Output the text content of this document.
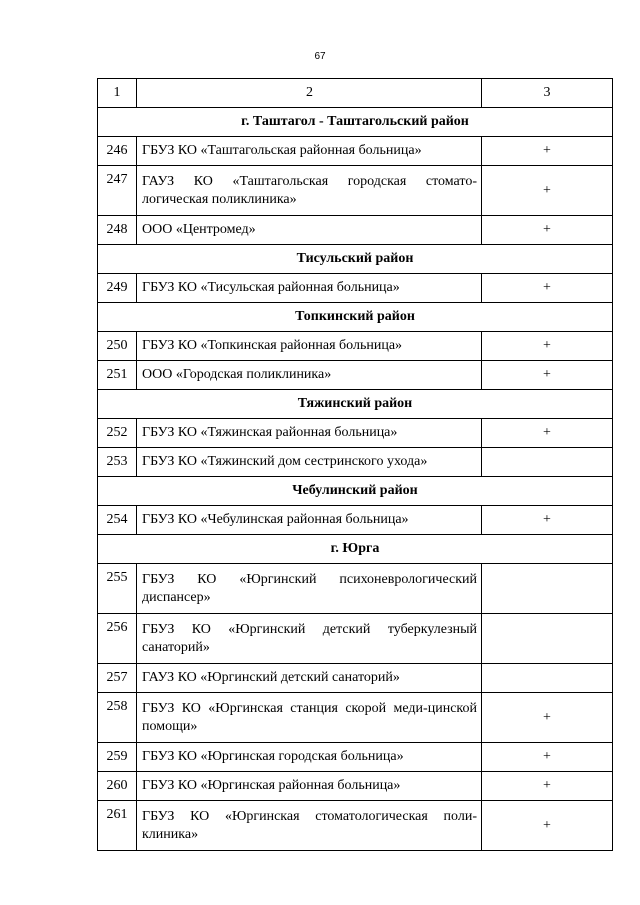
67
1	2	3
г. Таштагол - Таштагольский район		
246	ГБУЗ КО «Таштагольская районная больница»	+
247	ГАУЗ КО «Таштагольская городская стомато-логическая поликлиника»	+
248	ООО «Центромед»	+
Тисульский район		
249	ГБУЗ КО «Тисульская районная больница»	+
Топкинский район		
250	ГБУЗ КО «Топкинская районная больница»	+
251	ООО «Городская поликлиника»	+
Тяжинский район		
252	ГБУЗ КО «Тяжинская районная больница»	+
253	ГБУЗ КО «Тяжинский дом сестринского ухода»	
Чебулинский район		
254	ГБУЗ КО «Чебулинская районная больница»	+
г. Юрга		
255	ГБУЗ КО «Юргинский психоневрологический диспансер»	
256	ГБУЗ КО «Юргинский детский туберкулезный санаторий»	
257	ГАУЗ КО «Юргинский детский санаторий»	
258	ГБУЗ КО «Юргинская станция скорой меди-цинской помощи»	+
259	ГБУЗ КО «Юргинская городская больница»	+
260	ГБУЗ КО «Юргинская районная больница»	+
261	ГБУЗ КО «Юргинская стоматологическая поли-клиника»	+
